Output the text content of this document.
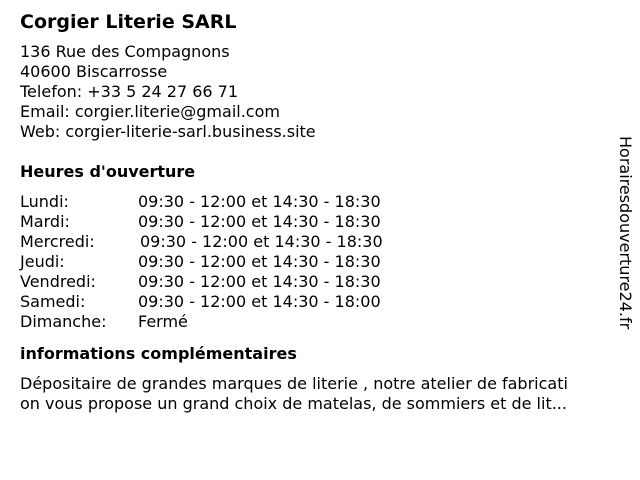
Corgier Literie SARL
136 Rue des Compagnons
40600 Biscarrosse
Telefon: +33 5 24 27 66 71
Email: corgier.literie@gmail.com
Web: corgier-literie-sarl.business.site
Heures d'ouverture
Lundi:	09:30 - 12:00 et 14:30 - 18:30
Mardi:	09:30 - 12:00 et 14:30 - 18:30
Mercredi:	09:30 - 12:00 et 14:30 - 18:30
Jeudi:	09:30 - 12:00 et 14:30 - 18:30
Vendredi:	09:30 - 12:00 et 14:30 - 18:30
Samedi:	09:30 - 12:00 et 14:30 - 18:00
Dimanche: Fermé
informations complémentaires
Dépositaire de grandes marques de literie , notre atelier de fabricati
on vous propose un grand choix de matelas, de sommiers et de lit...
Horairesdouverture24.fr
